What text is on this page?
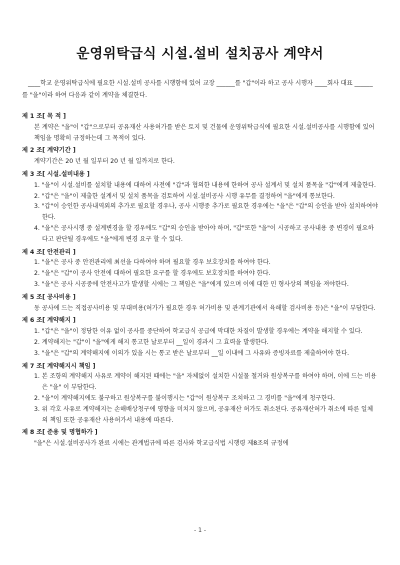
운영위탁급식 시설.설비 설치공사 계약서

____학교 운영위탁급식에 필요한 시설.설비 공사를 시행함에 있어 교장 ______를 "갑"이라 하고 공사 시행자 ____회사 대표 ______를 "을"이라 하여 다음과 같이 계약을 체결한다.

제 1 조[ 목 적 ]

본 계약은 "을"이 "갑"으로부터 공유재산 사용허가를 받은 토지 및 건물에 운영위탁급식에 필요한 시설.설비공사를 시행함에 있어 책임을 명확히 규정하는데 그 목적이 있다.

제 2 조[ 계약기간 ]

계약기간은 20 년 월 일부터 20 년 월 일까지로 한다.

제 3 조[ 시설.설비내용 ]

1. "을"이 시설.설비를 설치할 내용에 대하여 사전에 "갑"과 협의한 내용에 한하여 공사 설계서 및 설치 품목을 "갑"에게 제출한다.
2. "갑"은 "을"이 제출한 설계서 및 설치 품목을 검토하여 시설.설비공사 시행 유무를 결정하여 "을"에게 통보한다.
3. "갑"이 승인한 공사내역외의 추가로 필요할 경우나, 공사 시행중 추가로 필요한 경우에는 "을"은 "갑"의 승인을 받아 설치하여야 한다.
4. "을"은 공사시행 중 설계변경을 할 경우에도 "갑"의 승인을 받아야 하며, "갑"또한 "을"이 시공하고 공사내용 중 변경이 필요하다고 판단될 경우에도 "을"에게 변경 요구 할 수 있다.

제 4 조[ 안전관리 ]

1. "을"은 공사 중 안전관리에 최선을 다하여야 하며 필요할 경우 보호장치를 하여야 한다.
2. "을"은 "갑"이 공사 안전에 대하여 필요한 요구를 할 경우에도 보호장치를 하여야 한다.
3. "을"은 공사 시공중에 안전사고가 발생할 시에는 그 책임은 "을"에게 있으며 이에 대한 민 형사상의 책임을 져야한다.

제 5 조[ 공사비용 ]

동 공사에 드는 직접공사비용 및 부대비용(허가가 필요한 경우 허가비용 및 관계기관에서 육해할 검사비용 등)은 "을"이 부담한다.

제 6 조[ 계약해지 ]

1. "갑"은 "을"이 정당한 이유 없이 공사를 중단하여 학교급식 공급에 막대한 차질이 발생할 경우에는 계약을 해지할 수 있다.
2. 계약해지는 "갑"이 "을"에게 해지 통고한 날로부터 __일이 경과시 그 효력을 발생한다.
3. "을"은 "갑"의 계약해지에 이의가 있을 시는 통고 받은 날로부터 __일 이내에 그 사유와 증빙자료를 제출하여야 한다.

제 7 조[ 계약해지시 책임 ]

1. 본 조항의 계약해지 사유로 계약이 해지된 때에는 "을" 자체없이 설치한 시설물 철거와 원상복구를 하여야 하며, 이에 드는 비용은 "을" 이 부담한다.
2. "을"이 계약해지에도 불구하고 원상복구를 불이행시는 "갑"이 원상복구 조치하고 그 경비를 "을"에게 청구한다.
3. 위 각호 사유로 계약해지는 손해배상청구에 영향을 미치지 않으며, 공유재산 허가도 취소된다. 공유재산허가 취소에 따른 일체의 책임 또한 공유재산 사용허가서 내용에 따른다.

제 8 조[ 준용 및 명협하가 ]

"을"은 시설.설비공사가 완료 시에는 관계법규에 따른 검사와 학교급식법 시행령 제8조의 규정에

- 1 -
